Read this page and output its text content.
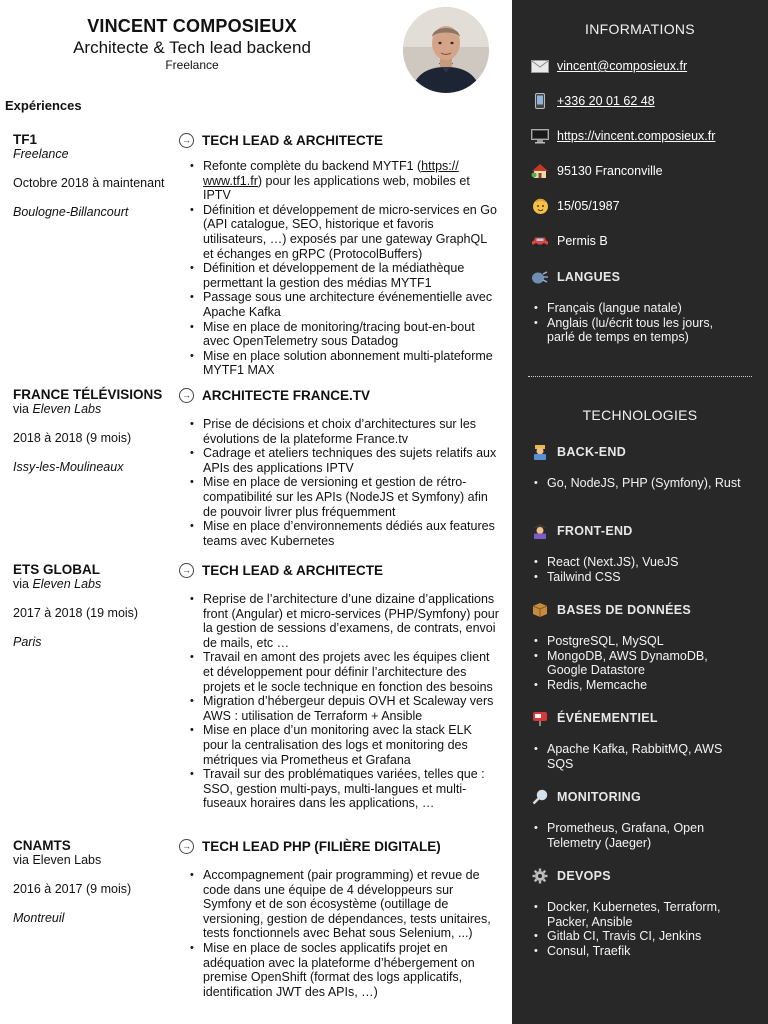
VINCENT COMPOSIEUX
Architecte & Tech lead backend
Freelance
Expériences
TF1
Freelance
Octobre 2018 à maintenant
Boulogne-Billancourt
→ TECH LEAD & ARCHITECTE
• Refonte complète du backend MYTF1 (https://
www.tf1.fr) pour les applications web, mobiles et IPTV
• Définition et développement de micro-services en Go (API catalogue, SEO, historique et favoris utilisateurs, …) exposés par une gateway GraphQL et échanges en gRPC (ProtocolBuffers)
• Définition et développement de la médiathèque permettant la gestion des médias MYTF1
• Passage sous une architecture événementielle avec Apache Kafka
• Mise en place de monitoring/tracing bout-en-bout avec OpenTelemetry sous Datadog
• Mise en place solution abonnement multi-plateforme MYTF1 MAX
FRANCE TÉLÉVISIONS
via Eleven Labs
2018 à 2018 (9 mois)
Issy-les-Moulineaux
→ ARCHITECTE FRANCE.TV
• Prise de décisions et choix d’architectures sur les évolutions de la plateforme France.tv
• Cadrage et ateliers techniques des sujets relatifs aux APIs des applications IPTV
• Mise en place de versioning et gestion de rétro-compatibilité sur les APIs (NodeJS et Symfony) afin de pouvoir livrer plus fréquemment
• Mise en place d’environnements dédiés aux features teams avec Kubernetes
ETS GLOBAL
via Eleven Labs
2017 à 2018 (19 mois)
Paris
→ TECH LEAD & ARCHITECTE
• Reprise de l’architecture d’une dizaine d’applications front (Angular) et micro-services (PHP/Symfony) pour la gestion de sessions d’examens, de contrats, envoi de mails, etc …
• Travail en amont des projets avec les équipes client et développement pour définir l’architecture des projets et le socle technique en fonction des besoins
• Migration d’hébergeur depuis OVH et Scaleway vers AWS : utilisation de Terraform + Ansible
• Mise en place d’un monitoring avec la stack ELK pour la centralisation des logs et monitoring des métriques via Prometheus et Grafana
• Travail sur des problématiques variées, telles que : SSO, gestion multi-pays, multi-langues et multi-fuseaux horaires dans les applications, …
CNAMTS
via Eleven Labs
2016 à 2017 (9 mois)
Montreuil
→ TECH LEAD PHP (FILIÈRE DIGITALE)
• Accompagnement (pair programming) et revue de code dans une équipe de 4 développeurs sur Symfony et de son écosystème (outillage de versioning, gestion de dépendances, tests unitaires, tests fonctionnels avec Behat sous Selenium, ...)
• Mise en place de socles applicatifs projet en adéquation avec la plateforme d’hébergement on premise OpenShift (format des logs applicatifs, identification JWT des APIs, …)
INFORMATIONS
vincent@composieux.fr
+336 20 01 62 48
https://vincent.composieux.fr
95130 Franconville
15/05/1987
Permis B
LANGUES
• Français (langue natale)
• Anglais (lu/écrit tous les jours, parlé de temps en temps)
TECHNOLOGIES
BACK-END
• Go, NodeJS, PHP (Symfony), Rust
FRONT-END
• React (Next.JS), VueJS
• Tailwind CSS
BASES DE DONNÉES
• PostgreSQL, MySQL
• MongoDB, AWS DynamoDB, Google Datastore
• Redis, Memcache
ÉVÉNEMENTIEL
• Apache Kafka, RabbitMQ, AWS SQS
MONITORING
• Prometheus, Grafana, Open Telemetry (Jaeger)
DEVOPS
• Docker, Kubernetes, Terraform, Packer, Ansible
• Gitlab CI, Travis CI, Jenkins
• Consul, Traefik
